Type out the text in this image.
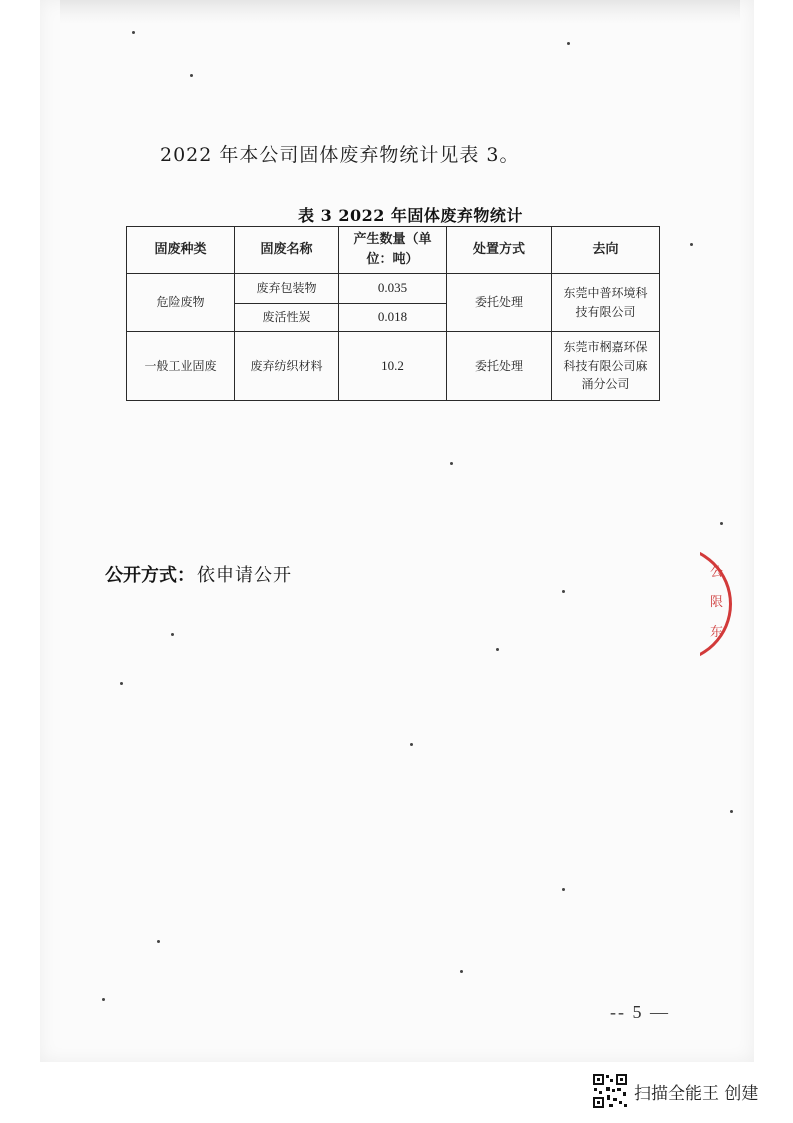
2022 年本公司固体废弃物统计见表 3。
表 3 2022 年固体废弃物统计
固废种类	固废名称	产生数量（单
位：吨）	处置方式	去向
危险废物	废弃包装物	0.035	委托处理	东莞中普环境科
技有限公司
	废活性炭	0.018		
一般工业固废	废弃纺织材料	10.2	委托处理	东莞市㭎嘉环保
科技有限公司麻
涌分公司
公开方式： 依申请公开	公
限
东
-- 5 —
扫描全能王 创建
